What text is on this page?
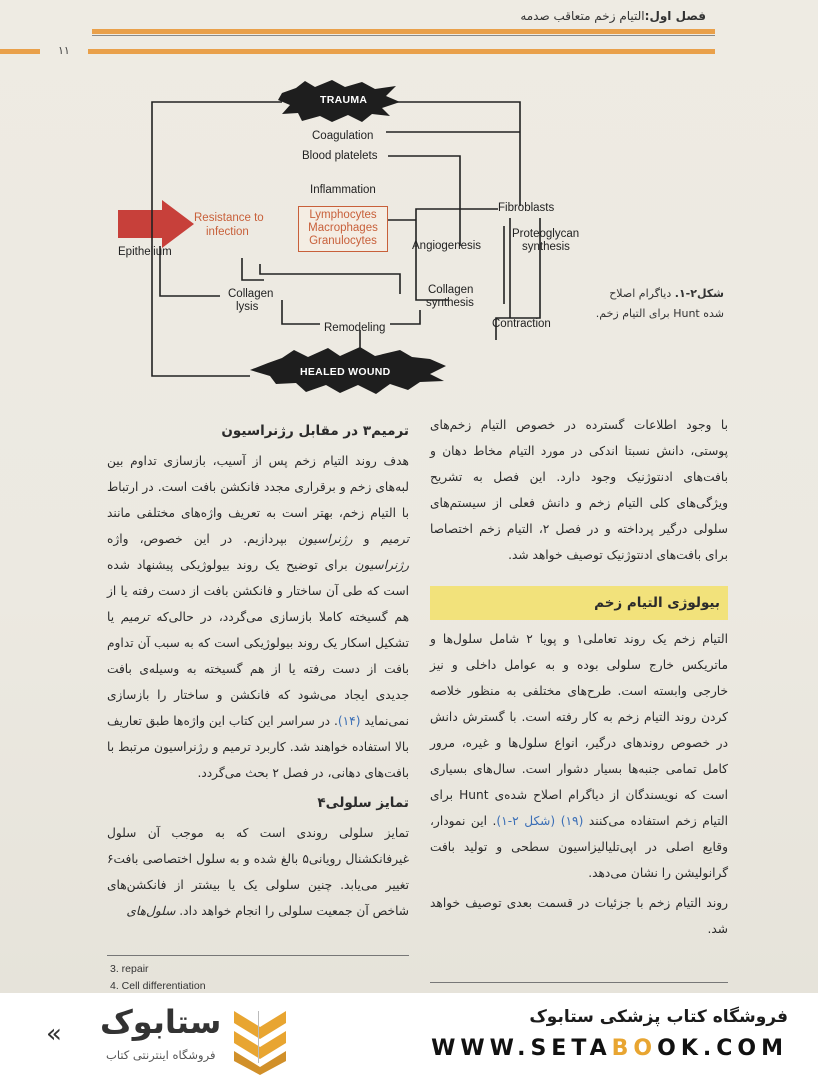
فصل اول:التیام زخم متعاقب صدمه
۱۱
TRAUMA
HEALED WOUND
Coagulation
Blood platelets
Inflammation
Fibroblasts
Resistance to
infection
Lymphocytes
Macrophages
Granulocytes
Epithelium	Angiogenesis
Proteoglycan
synthesis
Collagen
lysis
Collagen
synthesis
Remodeling	Contraction
شکل۲-۱. دیاگرام اصلاح شده Hunt برای التیام زخم.
ترمیم۳ در مقابل رژنراسیون

هدف روند التیام زخم پس از آسیب، بازسازی تداوم بین لبه‌های زخم و برقراری مجدد فانکشن بافت است. در ارتباط با التیام زخم، بهتر است به تعریف واژه‌های مختلفی مانند ترمیم و رژنراسیون بپردازیم. در این خصوص، واژه رژنراسیون برای توضیح یک روند بیولوژیکی پیشنهاد شده است که طی آن ساختار و فانکشن بافت از دست رفته یا از هم گسیخته کاملا بازسازی می‌گردد، در حالی‌که ترمیم یا تشکیل اسکار یک روند بیولوژیکی است که به سبب آن تداوم بافت از دست رفته یا از هم گسیخته به وسیله‌ی بافت جدیدی ایجاد می‌شود که فانکشن و ساختار را بازسازی نمی‌نماید (۱۴). در سراسر این کتاب این واژه‌ها طبق تعاریف بالا استفاده خواهند شد. کاربرد ترمیم و رژنراسیون مرتبط با بافت‌های دهانی، در فصل ۲ بحث می‌گردد.

تمایز سلولی۴

تمایز سلولی روندی است که به موجب آن سلول غیرفانکشنال رویانی۵ بالغ شده و به سلول اختصاصی بافت۶ تغییر می‌یابد. چنین سلولی یک یا بیشتر از فانکشن‌های شاخص آن جمعیت سلولی را انجام خواهد داد. سلول‌های

با وجود اطلاعات گسترده در خصوص التیام زخم‌های پوستی، دانش نسبتا اندکی در مورد التیام مخاط دهان و بافت‌های ادنتوژنیک وجود دارد. این فصل به تشریح ویژگی‌های کلی التیام زخم و دانش فعلی از سیستم‌های سلولی درگیر پرداخته و در فصل ۲، التیام زخم اختصاصا برای بافت‌های ادنتوژنیک توصیف خواهد شد.

بیولوژی التیام زخم

التیام زخم یک روند تعاملی۱ و پویا ۲ شامل سلول‌ها و ماتریکس خارج سلولی بوده و به عوامل داخلی و نیز خارجی وابسته است. طرح‌های مختلفی به منظور خلاصه کردن روند التیام زخم به کار رفته است. با گسترش دانش در خصوص روندهای درگیر، انواع سلول‌ها و غیره، مرور کامل تمامی جنبه‌ها بسیار دشوار است. سال‌های بسیاری است که نویسندگان از دیاگرام اصلاح شده‌ی Hunt برای التیام زخم استفاده می‌کنند (۱۹) (شکل ۲-۱). این نمودار، وقایع اصلی در اپی‌تلیالیزاسیون سطحی و تولید بافت گرانولیشن را نشان می‌دهد.

روند التیام زخم با جزئیات در قسمت بعدی توصیف خواهد شد.

3. repair
4. Cell differentiation
ستابوک
فروشگاه اینترنتی کتاب
«
فروشگاه کتاب پزشکی ستابوک
WWW.SETABOOK.COM
